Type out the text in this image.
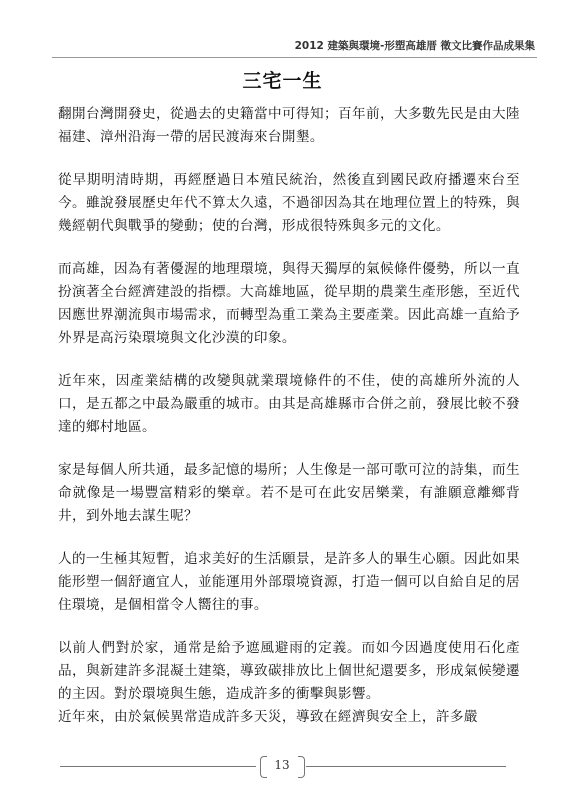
2012 建築與環境-形塑高雄厝 徵文比賽作品成果集
三宅一生

翻開台灣開發史，從過去的史籍當中可得知；百年前，大多數先民是由大陸福建、漳州沿海一帶的居民渡海來台開墾。

從早期明清時期，再經歷過日本殖民統治，然後直到國民政府播遷來台至今。雖說發展歷史年代不算太久遠，不過卻因為其在地理位置上的特殊，與幾經朝代與戰爭的變動；使的台灣，形成很特殊與多元的文化。

而高雄，因為有著優渥的地理環境，與得天獨厚的氣候條件優勢，所以一直扮演著全台經濟建設的指標。大高雄地區，從早期的農業生產形態，至近代因應世界潮流與市場需求，而轉型為重工業為主要產業。因此高雄一直給予外界是高污染環境與文化沙漠的印象。

近年來，因產業結構的改變與就業環境條件的不佳，使的高雄所外流的人口，是五都之中最為嚴重的城市。由其是高雄縣市合併之前，發展比較不發達的鄉村地區。

家是每個人所共通，最多記憶的場所；人生像是一部可歌可泣的詩集，而生命就像是一場豐富精彩的樂章。若不是可在此安居樂業，有誰願意離鄉背井，到外地去謀生呢？

人的一生極其短暫，追求美好的生活願景，是許多人的畢生心願。因此如果能形塑一個舒適宜人，並能運用外部環境資源，打造一個可以自給自足的居住環境，是個相當令人嚮往的事。

以前人們對於家，通常是給予遮風避雨的定義。而如今因過度使用石化產品，與新建許多混凝土建築，導致碳排放比上個世紀還要多，形成氣候變遷的主因。對於環境與生態，造成許多的衝擊與影響。

近年來，由於氣候異常造成許多天災，導致在經濟與安全上，許多嚴

13
